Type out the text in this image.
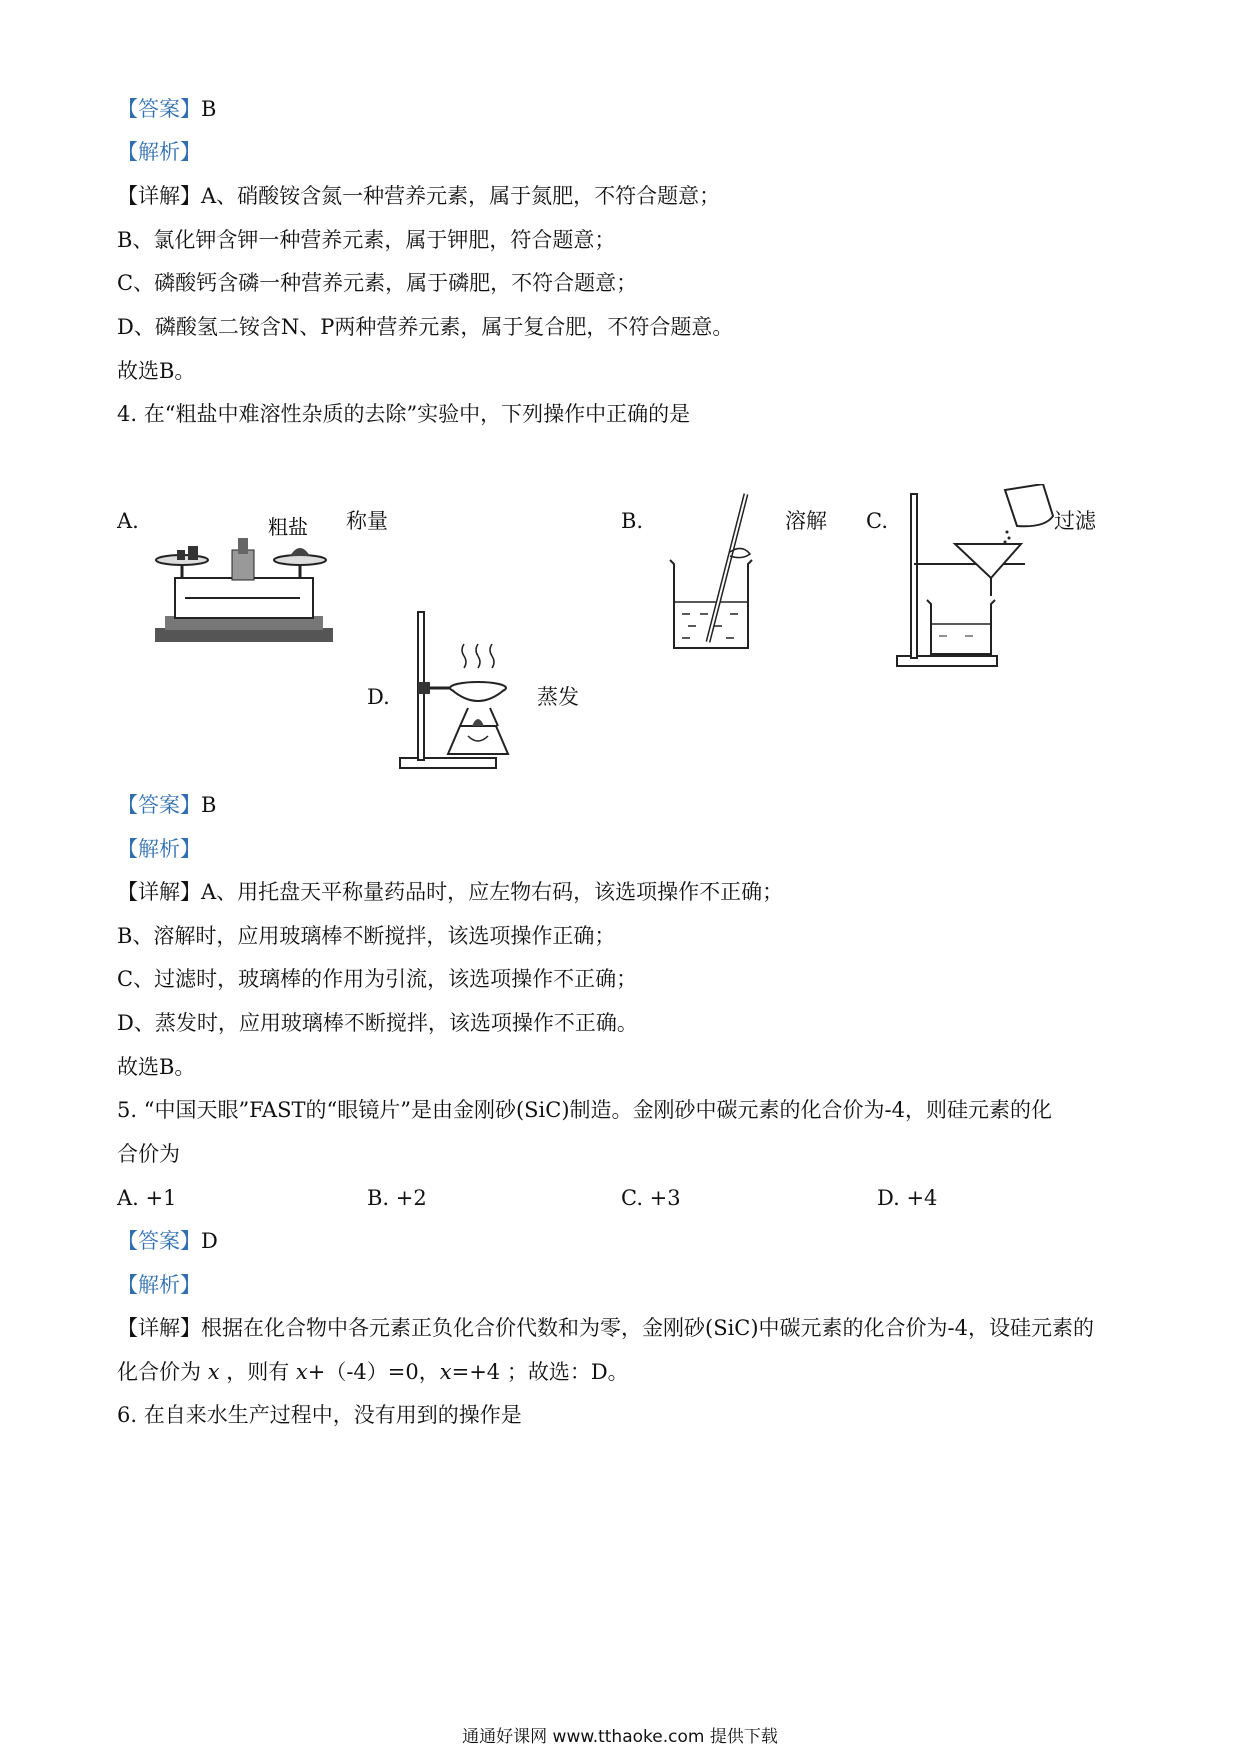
【答案】B
【解析】
【详解】A、硝酸铵含氮一种营养元素，属于氮肥，不符合题意；
B、氯化钾含钾一种营养元素，属于钾肥，符合题意；
C、磷酸钙含磷一种营养元素，属于磷肥，不符合题意；
D、磷酸氢二铵含N、P两种营养元素，属于复合肥，不符合题意。
故选B。
4. 在“粗盐中难溶性杂质的去除”实验中，下列操作中正确的是
A.	粗盐 称量	B.	溶解 C.	过滤
D.	蒸发
【答案】B
【解析】
【详解】A、用托盘天平称量药品时，应左物右码，该选项操作不正确；
B、溶解时，应用玻璃棒不断搅拌，该选项操作正确；
C、过滤时，玻璃棒的作用为引流，该选项操作不正确；
D、蒸发时，应用玻璃棒不断搅拌，该选项操作不正确。
故选B。
5. “中国天眼”FAST的“眼镜片”是由金刚砂(SiC)制造。金刚砂中碳元素的化合价为-4，则硅元素的化
合价为
A. +1	B. +2	C. +3	D. +4
【答案】D
【解析】
【详解】根据在化合物中各元素正负化合价代数和为零，金刚砂(SiC)中碳元素的化合价为-4，设硅元素的
化合价为 x ，则有 x+（-4）=0，x=+4 ；故选：D。
6. 在自来水生产过程中，没有用到的操作是
通通好课网 www.tthaoke.com 提供下载
